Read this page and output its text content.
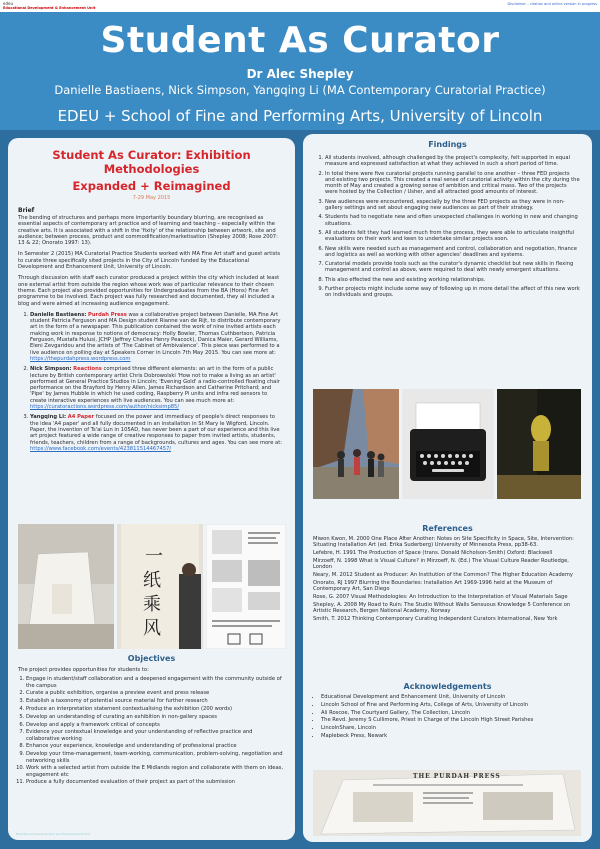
edeu
Educational Development & Enhancement Unit
Disclaimer – citation and online version in progress
Student As Curator
Dr Alec Shepley
Danielle Bastiaens, Nick Simpson, Yangqing Li (MA Contemporary Curatorial Practice)
EDEU + School of Fine and Performing Arts, University of Lincoln
Student As Curator: Exhibition Methodologies
Expanded + Reimagined
7-29 May 2015
Brief

The bending of structures and perhaps more importantly boundary blurring, are recognised as essential aspects of contemporary art practice and of learning and teaching – especially within the creative arts. It is associated with a shift in the 'fixity' of the relationship between artwork, site and audience; between process, product and commodification/marketisation (Shepley 2008; Rose 2007: 13 & 22; Onorato 1997: 13).

In Semester 2 (2015) MA Curatorial Practice Students worked with MA Fine Art staff and guest artists to curate three specifically sited projects in the City of Lincoln funded by the Educational Development and Enhancement Unit, University of Lincoln.

Through discussion with staff each curator produced a project within the city which included at least one external artist from outside the region whose work was of particular relevance to their chosen theme. Each project also provided opportunities for Undergraduates from the BA (Hons) Fine Art programme to be involved. Each project was fully researched and documented, they all included a blog and were aimed at increasing audience engagement.

1. Danielle Bastiaens: Purdah Press was a collaborative project between Danielle, MA Fine Art student Patricia Ferguson and MA Design student Rianne van de Rijt, to distribute contemporary art in the form of a newspaper. This publication contained the work of nine invited artists each making work in response to notions of democracy: Holly Bowler, Thomas Cuthbertson, Patricia Ferguson, Mustafa Hulusi, JCHP (Jeffrey Charles Henry Peacock), Danica Maier, Gerard Williams, Eleni Zevgaridou and the artists of 'The Cabinet of Ambivalence'. This piece was performed to a live audience on polling day at Speakers Corner in Lincoln 7th May 2015. You can see more at: https://thepurdahpress.wordpress.com
2. Nick Simpson: Reactions comprised three different elements: an art in the form of a public lecture by British contemporary artist Chris Dobrowolski 'How not to make a living as an artist' performed at General Practice Studios in Lincoln; 'Evening Gold' a radio-controlled floating chair performance on the Brayford by Henry Allen, James Richardson and Catherine Pritchard; and 'Pipe' by James Hubble in which he used coding, Raspberry Pi units and infra red sensors to create interactive experiences with live audiences. You can see much more at: https://curatoractions.wordpress.com/author/nicksimp85/
3. Yangqing Li: A4 Paper focused on the power and immediacy of people's direct responses to the idea 'A4 paper' and all fully documented in an installation in St Mary le Wigford, Lincoln. Paper, the invention of Ts'ai Lun in 105AD, has never been a part of our experience and this live art project featured a wide range of creative responses to paper from invited artists, students, friends, teachers, children from a range of backgrounds, cultures and ages. You can see more at: https://www.facebook.com/events/423811514467457/
一
纸
乘
风
Objectives

The project provides opportunities for students to:

1. Engage in student/staff collaboration and a deepened engagement with the community outside of the campus
2. Curate a public exhibition, organise a preview event and press release
3. Establish a taxonomy of potential source material for further research
4. Produce an interpretation statement contextualising the exhibition (200 words)
5. Develop an understanding of curating an exhibition in non-gallery spaces
6. Develop and apply a framework critical of concepts
7. Evidence your contextual knowledge and your understanding of reflective practice and collaborative working
8. Enhance your experience, knowledge and understanding of professional practice
9. Develop your time-management, team-working, communication, problem-solving, negotiation and networking skills
10. Work with a selected artist from outside the E Midlands region and collaborate with them on ideas, engagement etc
11. Produce a fully documented evaluation of their project as part of the submission
Findings
1. All students involved, although challenged by the project's complexity, felt supported in equal measure and expressed satisfaction at what they achieved in such a short period of time.
2. In total there were five curatorial projects running parallel to one another – three FED projects and existing two projects. This created a real sense of curatorial activity within the city during the month of May and created a growing sense of ambition and critical mass. Two of the projects were hosted by the Collection / Usher, and all attracted good amounts of interest.
3. New audiences were encountered, especially by the three FED projects as they were in non-gallery settings and set about engaging new audiences as part of their strategy.
4. Students had to negotiate new and often unexpected challenges in working in new and changing situations.
5. All students felt they had learned much from the process, they were able to articulate insightful evaluations on their work and keen to undertake similar projects soon.
6. New skills were needed such as management and control, collaboration and negotiation, finance and logistics as well as working with other agencies' deadlines and systems.
7. Curatorial models provide tools such as the curator's dynamic checklist but new skills in flexing management and control as above, were required to deal with newly emergent situations.
8. This also effected the new and existing working relationships.
9. Further projects might include some way of following up in more detail the affect of this new work on individuals and groups.
References

Miwon Kwon, M. 2000 One Place After Another: Notes on Site Specificity in Space, Site, Intervention: Situating Installation Art (ed. Erika Suderberg) University of Minnesota Press, pp38-63.

Lefebre, H. 1991 The Production of Space (trans. Donald Nicholson-Smith) Oxford: Blackwell

Mirzoeff, N. 1998 What is Visual Culture? in Mirzoeff, N. (Ed.) The Visual Culture Reader Routledge, London

Neary, M. 2012 Student as Producer: An Institution of the Common? The Higher Education Academy

Onorato, RJ 1997 Blurring the Boundaries: Installation Art 1969-1996 held at the Museum of Contemporary Art, San Diego

Rose, G. 2007 Visual Methodologies: An Introduction to the Interpretation of Visual Materials Sage

Shepley, A. 2008 My Road to Ruin: The Studio Without Walls Sensuous Knowledge 5 Conference on Artistic Research, Bergen National Academy, Norway

Smith, T. 2012 Thinking Contemporary Curating Independent Curators International, New York

Acknowledgements
• Educational Development and Enhancement Unit, University of Lincoln
• Lincoln School of Fine and Performing Arts, College of Arts, University of Lincoln
• Ali Roscoe, The Courtyard Gallery, The Collection, Lincoln
• The Revd. Jeremy S Cullimore, Priest in Charge of the Lincoln High Street Parishes
• LincolnShare, Lincoln
• Maplebeck Press, Newark
THE PURDAH PRESS
Educational Development and Enhancement Unit
